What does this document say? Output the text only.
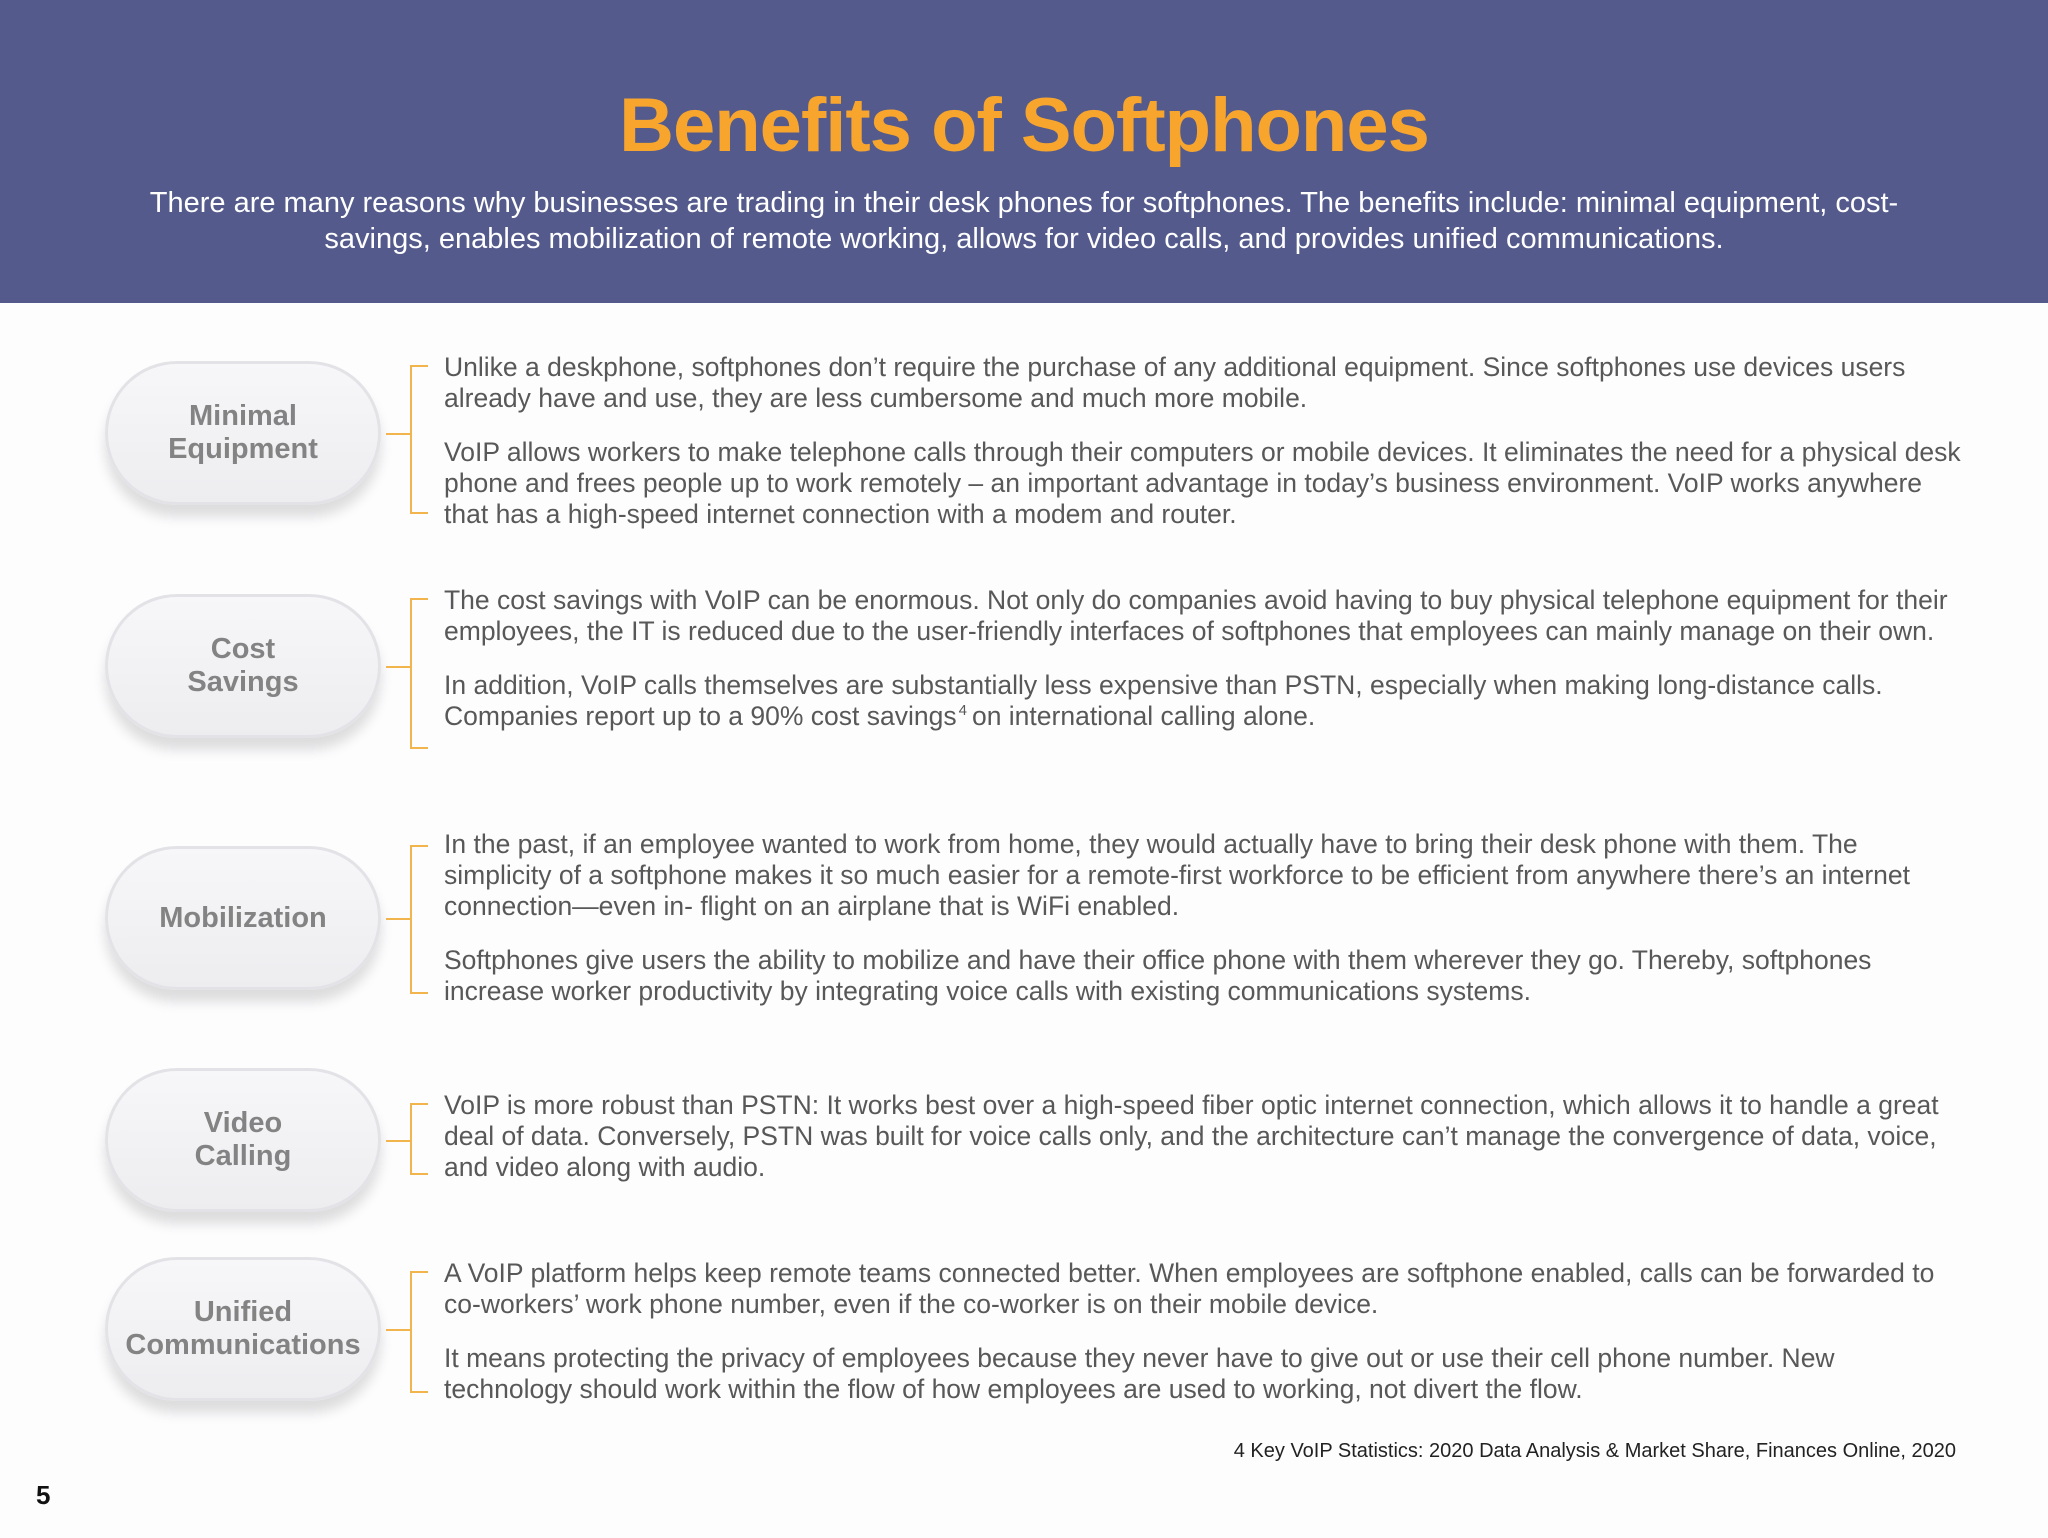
Benefits of Softphones
There are many reasons why businesses are trading in their desk phones for softphones. The benefits include: minimal equipment, cost-savings, enables mobilization of remote working, allows for video calls, and provides unified communications.
Minimal
Equipment

Unlike a deskphone, softphones don’t require the purchase of any additional equipment. Since softphones use devices users already have and use, they are less cumbersome and much more mobile.

VoIP allows workers to make telephone calls through their computers or mobile devices. It eliminates the need for a physical desk phone and frees people up to work remotely – an important advantage in today’s business environment. VoIP works anywhere that has a high-speed internet connection with a modem and router.

Cost
Savings

The cost savings with VoIP can be enormous. Not only do companies avoid having to buy physical telephone equipment for their employees, the IT is reduced due to the user-friendly interfaces of softphones that employees can mainly manage on their own.

In addition, VoIP calls themselves are substantially less expensive than PSTN, especially when making long-distance calls. Companies report up to a 90% cost savings $^4$ on international calling alone.

Mobilization

In the past, if an employee wanted to work from home, they would actually have to bring their desk phone with them. The simplicity of a softphone makes it so much easier for a remote-first workforce to be efficient from anywhere there’s an internet connection—even in- flight on an airplane that is WiFi enabled.

Softphones give users the ability to mobilize and have their office phone with them wherever they go. Thereby, softphones increase worker productivity by integrating voice calls with existing communications systems.

Video
Calling

VoIP is more robust than PSTN: It works best over a high-speed fiber optic internet connection, which allows it to handle a great deal of data. Conversely, PSTN was built for voice calls only, and the architecture can’t manage the convergence of data, voice, and video along with audio.

Unified
Communications

A VoIP platform helps keep remote teams connected better. When employees are softphone enabled, calls can be forwarded to co-workers’ work phone number, even if the co-worker is on their mobile device.

It means protecting the privacy of employees because they never have to give out or use their cell phone number. New technology should work within the flow of how employees are used to working, not divert the flow.

4 Key VoIP Statistics: 2020 Data Analysis & Market Share, Finances Online, 2020
5
